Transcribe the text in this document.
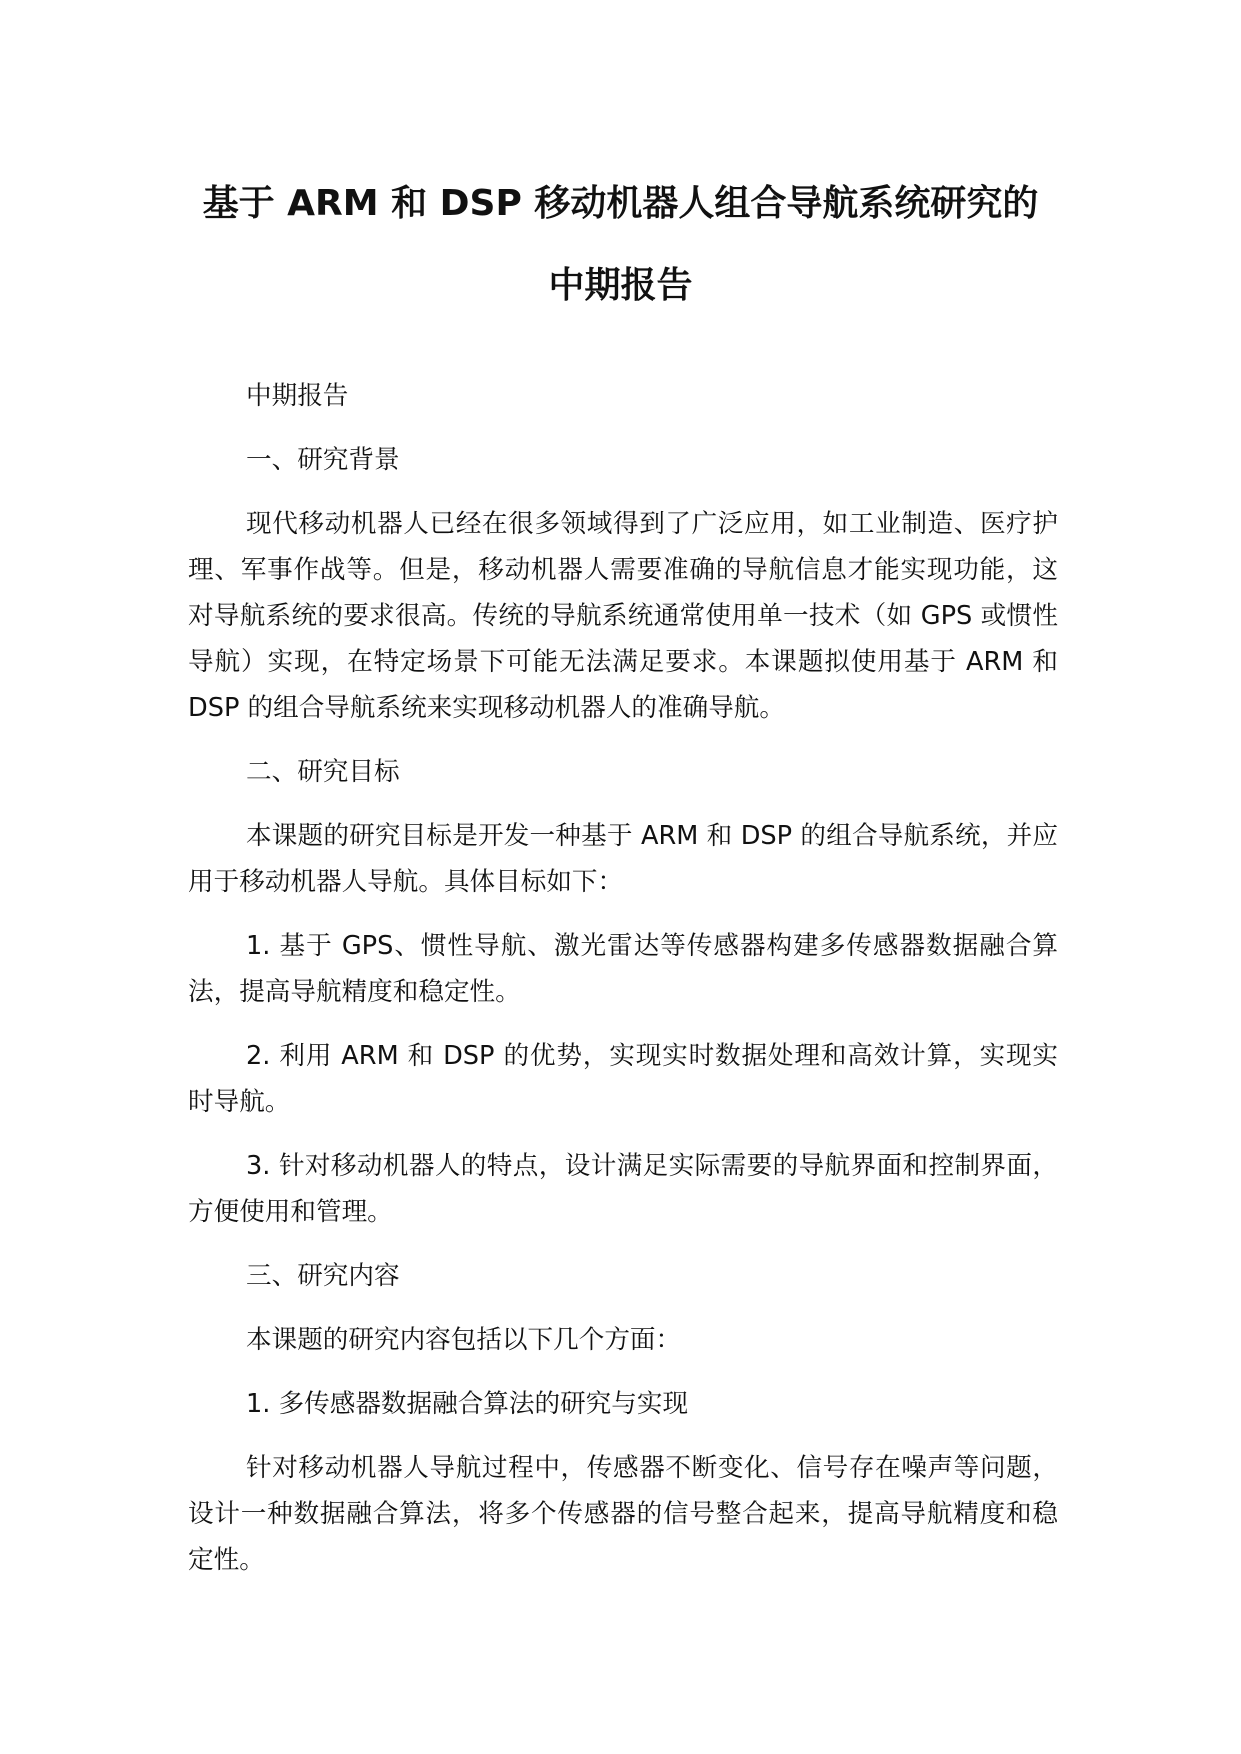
基于 ARM 和 DSP 移动机器人组合导航系统研究的
中期报告

中期报告

一、研究背景

现代移动机器人已经在很多领域得到了广泛应用，如工业制造、医疗护理、军事作战等。但是，移动机器人需要准确的导航信息才能实现功能，这对导航系统的要求很高。传统的导航系统通常使用单一技术（如 GPS 或惯性导航）实现，在特定场景下可能无法满足要求。本课题拟使用基于 ARM 和 DSP 的组合导航系统来实现移动机器人的准确导航。

二、研究目标

本课题的研究目标是开发一种基于 ARM 和 DSP 的组合导航系统，并应用于移动机器人导航。具体目标如下：

1. 基于 GPS、惯性导航、激光雷达等传感器构建多传感器数据融合算法，提高导航精度和稳定性。

2. 利用 ARM 和 DSP 的优势，实现实时数据处理和高效计算，实现实时导航。

3. 针对移动机器人的特点，设计满足实际需要的导航界面和控制界面，方便使用和管理。

三、研究内容

本课题的研究内容包括以下几个方面：

1. 多传感器数据融合算法的研究与实现

针对移动机器人导航过程中，传感器不断变化、信号存在噪声等问题，设计一种数据融合算法，将多个传感器的信号整合起来，提高导航精度和稳定性。
